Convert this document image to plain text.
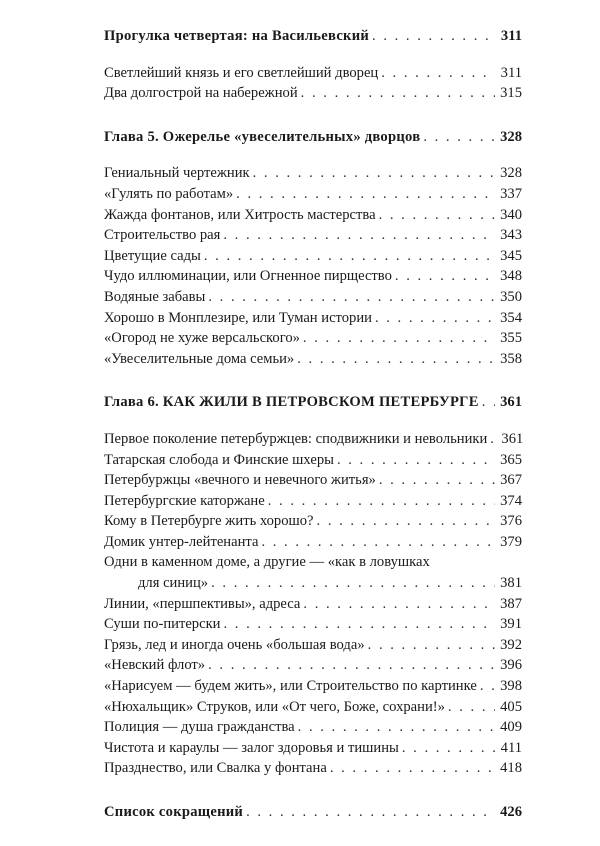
Прогулка четвертая: на Васильевский . . .	311
Светлейший князь и его светлейший дворец . . .	311
Два долгострой на набережной . . .	315
Глава 5. Ожерелье «увеселительных» дворцов . . .	328
Гениальный чертежник . . .	328
«Гулять по работам» . . .	337
Жажда фонтанов, или Хитрость мастерства . . .	340
Строительство рая . . .	343
Цветущие сады . . .	345
Чудо иллюминации, или Огненное пирщество . . .	348
Водяные забавы . . .	350
Хорошо в Монплезире, или Туман истории . . .	354
«Огород не хуже версальского» . . .	355
«Увеселительные дома семьи» . . .	358
Глава 6. КАК ЖИЛИ В ПЕТРОВСКОМ ПЕТЕРБУРГЕ . . . 361
Первое поколение петербуржцев: сподвижники и невольники . . . 361
Татарская слобода и Финские шхеры . . .	365
Петербуржцы «вечного и невечного житья» . . .	367
Петербургские каторжане . . .	374
Кому в Петербурге жить хорошо? . . .	376
Домик унтер-лейтенанта . . .	379
Одни в каменном доме, а другие — «как в ловушках
для синиц» . . .	381
Линии, «першпективы», адреса . . .	387
Суши по-питерски . . .	391
Грязь, лед и иногда очень «большая вода» . . .	392
«Невский флот» . . .	396
«Нарисуем — будем жить», или Строительство по картинке . . . 398
«Нюхальщик» Струков, или «От чего, Боже, сохрани!» . . .	405
Полиция — душа гражданства . . .	409
Чистота и караулы — залог здоровья и тишины . . .	411
Празднество, или Свалка у фонтана . . .	418
Список сокращений . . .	426
